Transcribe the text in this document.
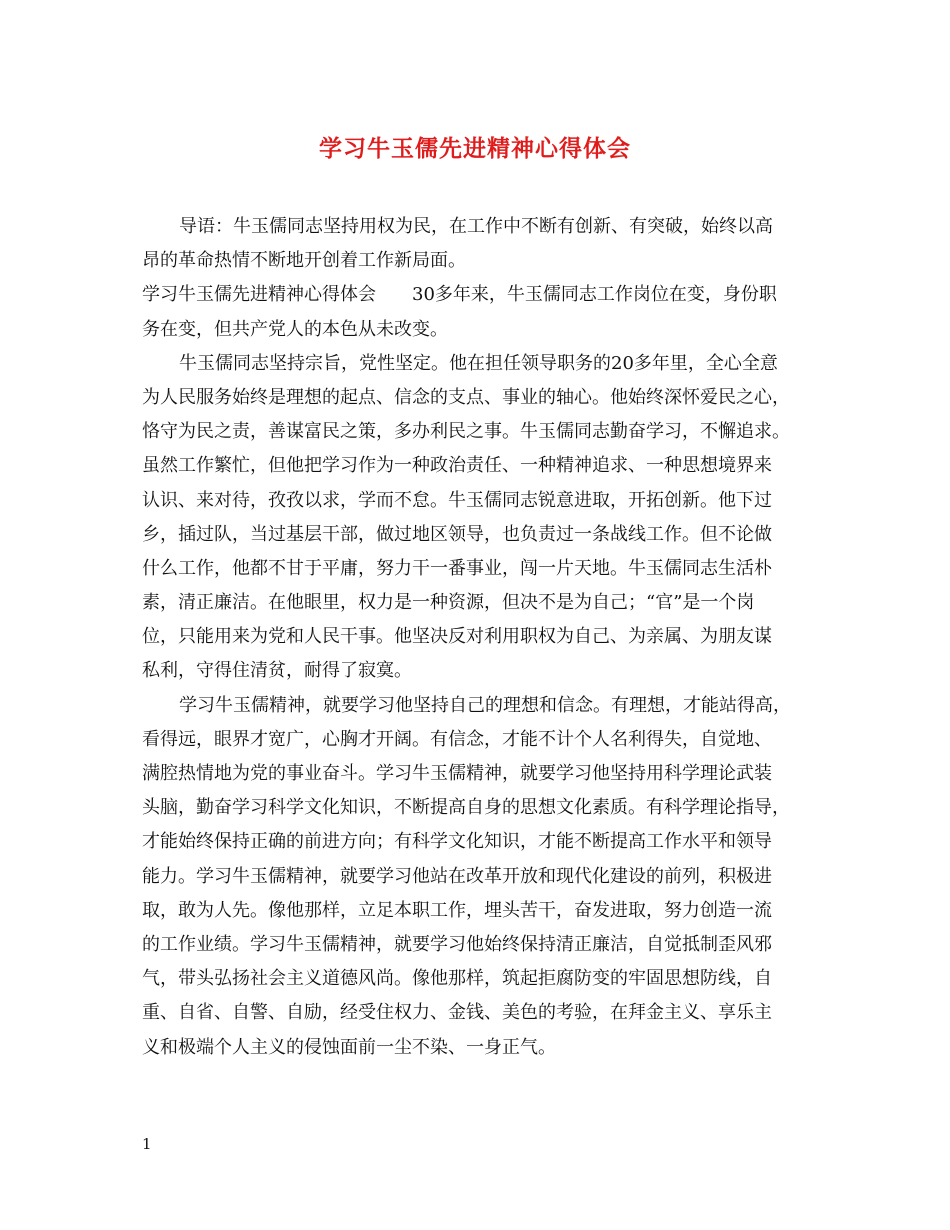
学习牛玉儒先进精神心得体会
导语：牛玉儒同志坚持用权为民，在工作中不断有创新、有突破，始终以高
昂的革命热情不断地开创着工作新局面。
学习牛玉儒先进精神心得体会 30多年来，牛玉儒同志工作岗位在变，身份职
务在变，但共产党人的本色从未改变。
牛玉儒同志坚持宗旨，党性坚定。他在担任领导职务的20多年里，全心全意
为人民服务始终是理想的起点、信念的支点、事业的轴心。他始终深怀爱民之心，
恪守为民之责，善谋富民之策，多办利民之事。牛玉儒同志勤奋学习，不懈追求。
虽然工作繁忙，但他把学习作为一种政治责任、一种精神追求、一种思想境界来
认识、来对待，孜孜以求，学而不怠。牛玉儒同志锐意进取，开拓创新。他下过
乡，插过队，当过基层干部，做过地区领导，也负责过一条战线工作。但不论做
什么工作，他都不甘于平庸，努力干一番事业，闯一片天地。牛玉儒同志生活朴
素，清正廉洁。在他眼里，权力是一种资源，但决不是为自己；“官”是一个岗
位，只能用来为党和人民干事。他坚决反对利用职权为自己、为亲属、为朋友谋
私利，守得住清贫，耐得了寂寞。
学习牛玉儒精神，就要学习他坚持自己的理想和信念。有理想，才能站得高，
看得远，眼界才宽广，心胸才开阔。有信念，才能不计个人名利得失，自觉地、
满腔热情地为党的事业奋斗。学习牛玉儒精神，就要学习他坚持用科学理论武装
头脑，勤奋学习科学文化知识，不断提高自身的思想文化素质。有科学理论指导，
才能始终保持正确的前进方向；有科学文化知识，才能不断提高工作水平和领导
能力。学习牛玉儒精神，就要学习他站在改革开放和现代化建设的前列，积极进
取，敢为人先。像他那样，立足本职工作，埋头苦干，奋发进取，努力创造一流
的工作业绩。学习牛玉儒精神，就要学习他始终保持清正廉洁，自觉抵制歪风邪
气，带头弘扬社会主义道德风尚。像他那样，筑起拒腐防变的牢固思想防线，自
重、自省、自警、自励，经受住权力、金钱、美色的考验，在拜金主义、享乐主
义和极端个人主义的侵蚀面前一尘不染、一身正气。
1
